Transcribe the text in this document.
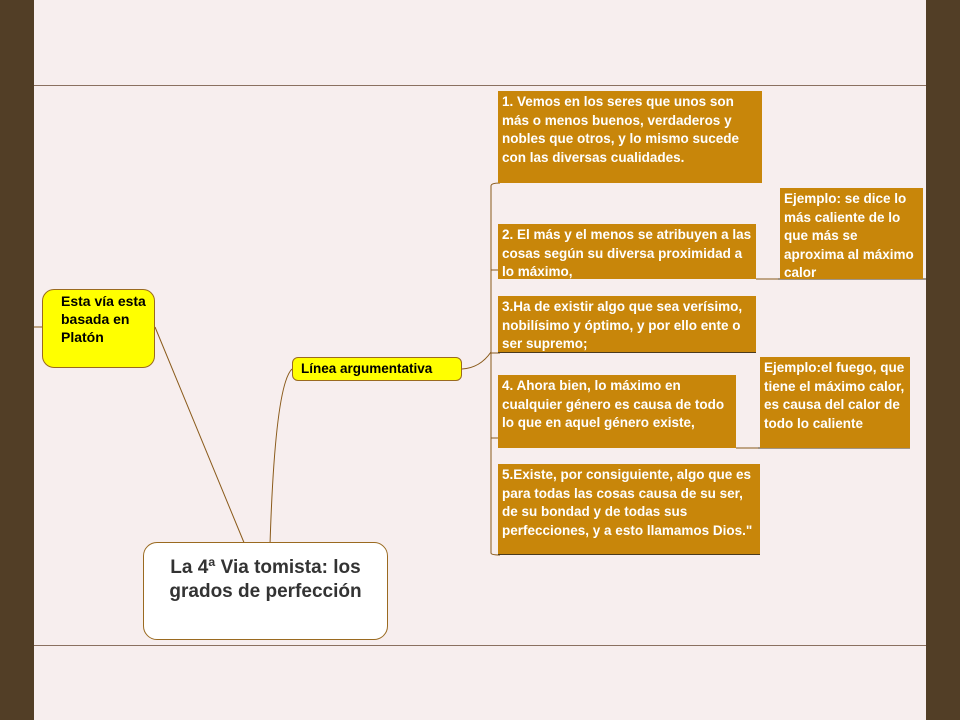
1. Vemos en los seres que unos son más o menos buenos, verdaderos y nobles que otros, y lo mismo sucede con las diversas cualidades.
Ejemplo: se dice lo más caliente de lo que más se aproxima al máximo calor
2. El más y el menos se atribuyen a las cosas según su diversa proximidad a lo máximo,
3.Ha de existir algo que sea verísimo, nobilísimo y óptimo, y por ello ente o ser supremo;
Ejemplo:el fuego, que tiene el máximo calor, es causa del calor de todo lo caliente
4. Ahora bien, lo máximo en cualquier género es causa de todo lo que en aquel género existe,
5.Existe, por consiguiente, algo que es para todas las cosas causa de su ser, de su bondad y de todas sus perfecciones, y a esto llamamos Dios."
Esta vía esta basada en Platón
Línea argumentativa
La 4ª Via tomista: los grados de perfección
